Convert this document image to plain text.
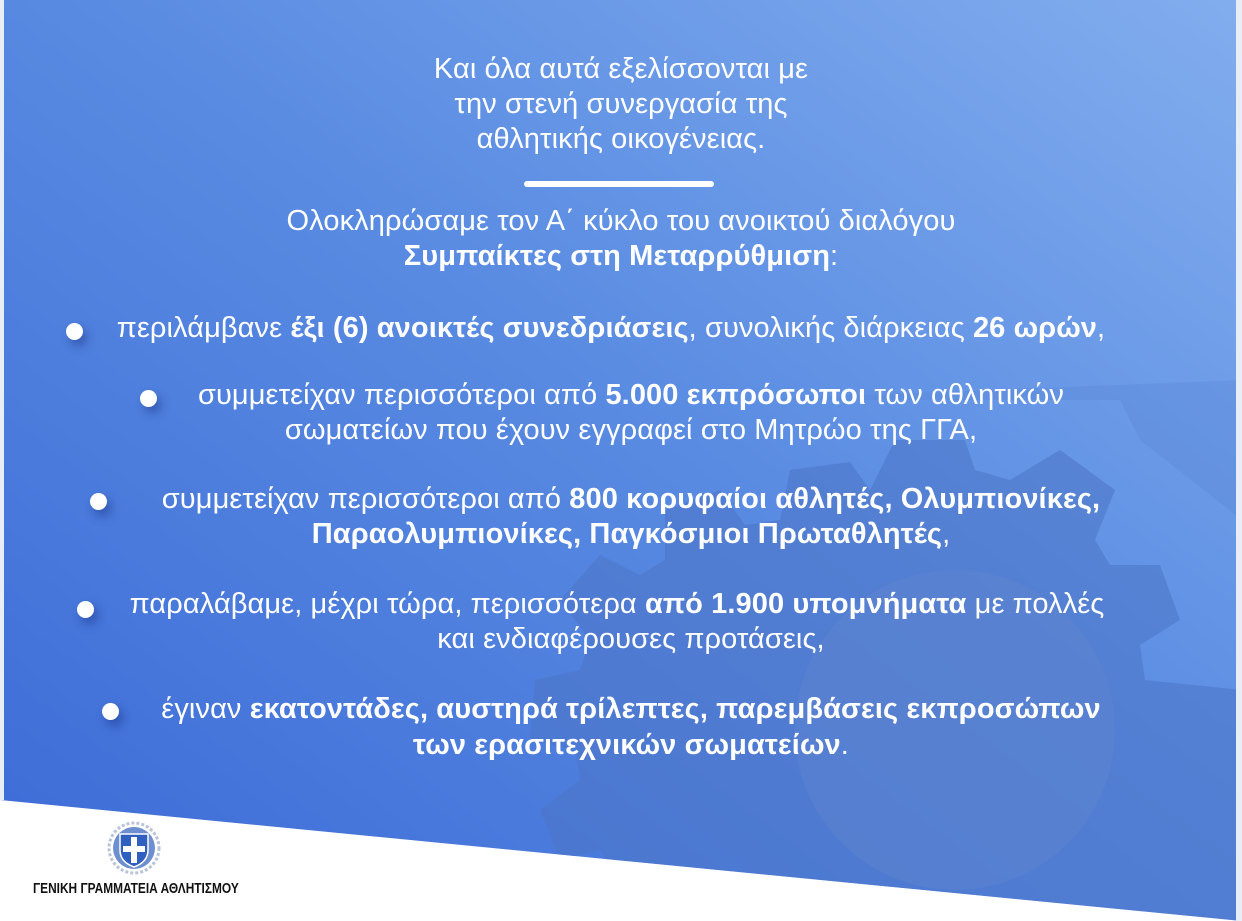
Και όλα αυτά εξελίσσονται με
την στενή συνεργασία της
αθλητικής οικογένειας.
Ολοκληρώσαμε τον Α΄ κύκλο του ανοικτού διαλόγου
Συμπαίκτες στη Μεταρρύθμιση:
περιλάμβανε έξι (6) ανοικτές συνεδριάσεις, συνολικής διάρκειας 26 ωρών,
συμμετείχαν περισσότεροι από 5.000 εκπρόσωποι των αθλητικών
σωματείων που έχουν εγγραφεί στο Μητρώο της ΓΓΑ,
συμμετείχαν περισσότεροι από 800 κορυφαίοι αθλητές, Ολυμπιονίκες,
Παραολυμπιονίκες, Παγκόσμιοι Πρωταθλητές,
παραλάβαμε, μέχρι τώρα, περισσότερα από 1.900 υπομνήματα με πολλές
και ενδιαφέρουσες προτάσεις,
έγιναν εκατοντάδες, αυστηρά τρίλεπτες, παρεμβάσεις εκπροσώπων
των ερασιτεχνικών σωματείων.
ΓΕΝΙΚΗ ΓΡΑΜΜΑΤΕΙΑ ΑΘΛΗΤΙΣΜΟΥ
